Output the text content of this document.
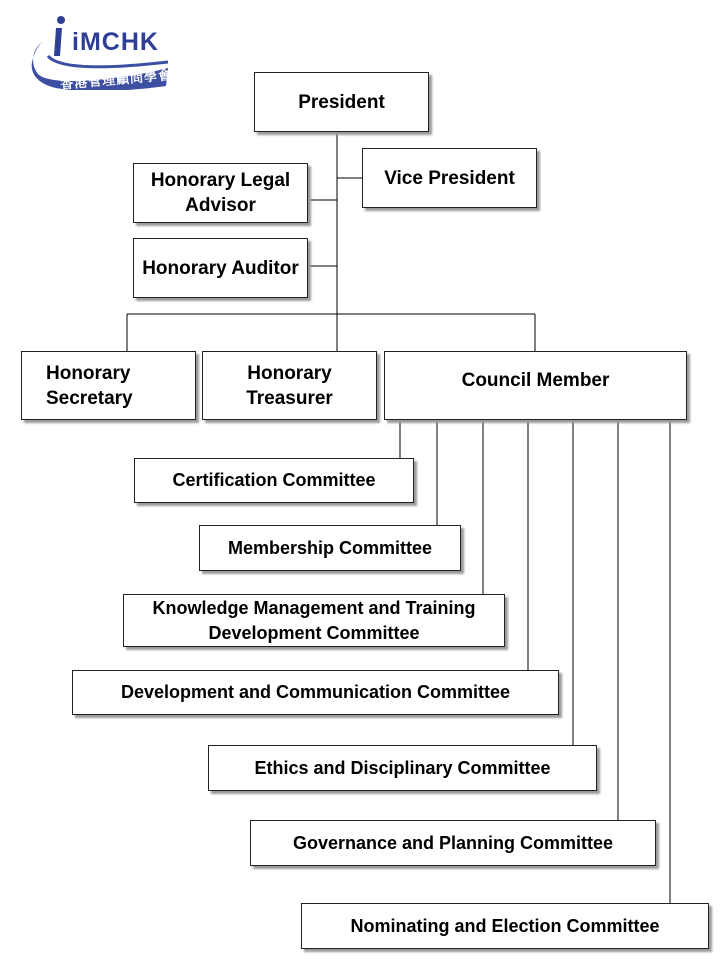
iMCHK
香港管理顧問學會
President
Vice President
Honorary Legal Advisor
Honorary Auditor
Honorary Secretary
Honorary Treasurer
Council Member
Certification Committee
Membership Committee
Knowledge Management and Training Development Committee
Development and Communication Committee
Ethics and Disciplinary Committee
Governance and Planning Committee
Nominating and Election Committee
